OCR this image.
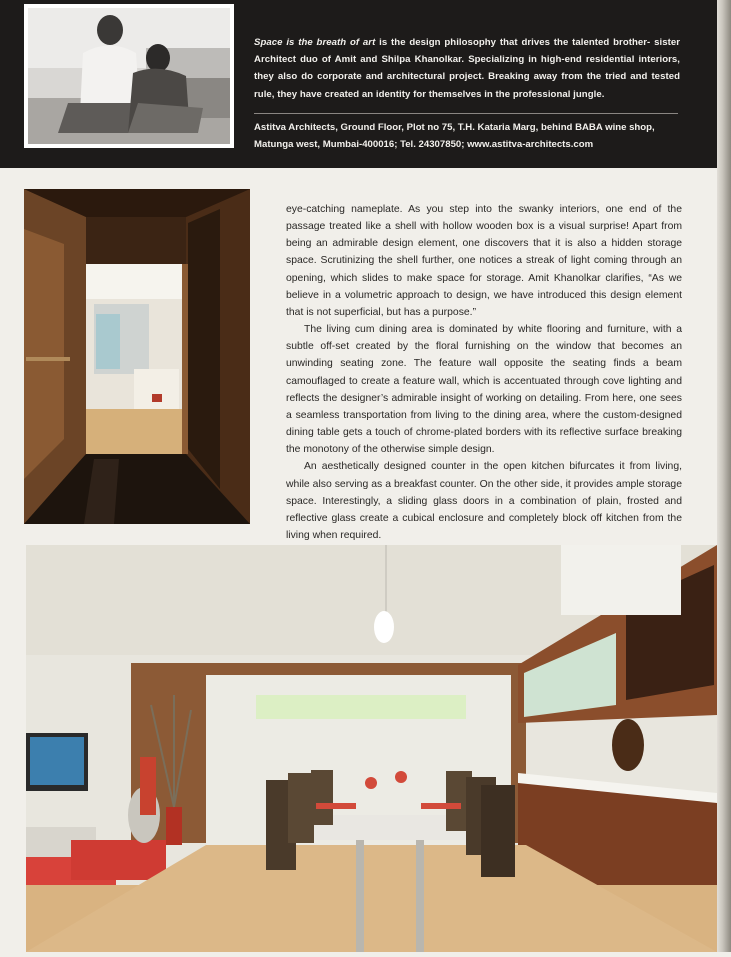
Space is the breath of art is the design philosophy that drives the talented brother- sister Architect duo of Amit and Shilpa Khanolkar. Specializing in high-end residential interiors, they also do corporate and architectural project. Breaking away from the tried and tested rule, they have created an identity for themselves in the professional jungle.
Astitva Architects, Ground Floor, Plot no 75, T.H. Kataria Marg, behind BABA wine shop, Matunga west, Mumbai-400016; Tel. 24307850; www.astitva-architects.com

eye-catching nameplate. As you step into the swanky interiors, one end of the passage treated like a shell with hollow wooden box is a visual surprise! Apart from being an admirable design element, one discovers that it is also a hidden storage space. Scrutinizing the shell further, one notices a streak of light coming through an opening, which slides to make space for storage. Amit Khanolkar clarifies, “As we believe in a volumetric approach to design, we have introduced this design element that is not superficial, but has a purpose.”

The living cum dining area is dominated by white flooring and furniture, with a subtle off-set created by the floral furnishing on the window that becomes an unwinding seating zone. The feature wall opposite the seating finds a beam camouflaged to create a feature wall, which is accentuated through cove lighting and reflects the designer’s admirable insight of working on detailing. From here, one sees a seamless transportation from living to the dining area, where the custom-designed dining table gets a touch of chrome-plated borders with its reflective surface breaking the monotony of the otherwise simple design.

An aesthetically designed counter in the open kitchen bifurcates it from living, while also serving as a breakfast counter. On the other side, it provides ample storage space. Interestingly, a sliding glass doors in a combination of plain, frosted and reflective glass create a cubical enclosure and completely block off kitchen from the living when required.
